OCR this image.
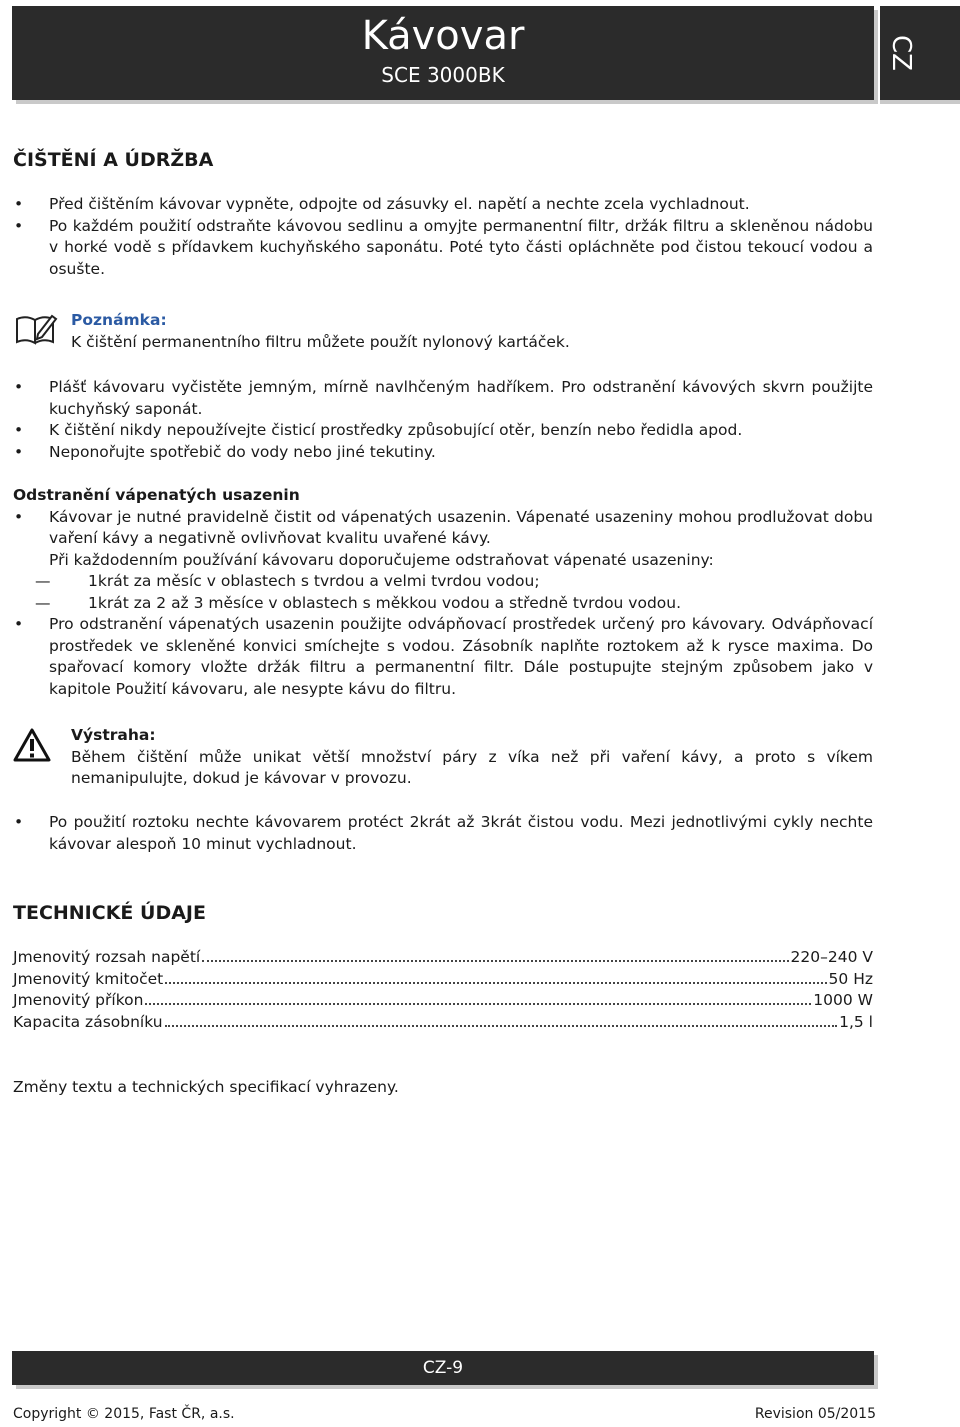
Kávovar
SCE 3000BK
CZ
ČIŠTĚNÍ A ÚDRŽBA
• Před čištěním kávovar vypněte, odpojte od zásuvky el. napětí a nechte zcela vychladnout.
• Po každém použití odstraňte kávovou sedlinu a omyjte permanentní filtr, držák filtru a skleněnou nádobu v horké vodě s přídavkem kuchyňského saponátu. Poté tyto části opláchněte pod čistou tekoucí vodou a osušte.
Poznámka:
K čištění permanentního filtru můžete použít nylonový kartáček.
• Plášť kávovaru vyčistěte jemným, mírně navlhčeným hadříkem. Pro odstranění kávových skvrn použijte kuchyňský saponát.
• K čištění nikdy nepoužívejte čisticí prostředky způsobující otěr, benzín nebo ředidla apod.
• Neponořujte spotřebič do vody nebo jiné tekutiny.
Odstranění vápenatých usazenin
• Kávovar je nutné pravidelně čistit od vápenatých usazenin. Vápenaté usazeniny mohou prodlužovat dobu vaření kávy a negativně ovlivňovat kvalitu uvařené kávy.
Při každodenním používání kávovaru doporučujeme odstraňovat vápenaté usazeniny:
— 1krát za měsíc v oblastech s tvrdou a velmi tvrdou vodou;
— 1krát za 2 až 3 měsíce v oblastech s měkkou vodou a středně tvrdou vodou.
• Pro odstranění vápenatých usazenin použijte odvápňovací prostředek určený pro kávovary. Odvápňovací prostředek ve skleněné konvici smíchejte s vodou. Zásobník naplňte roztokem až k rysce maxima. Do spařovací komory vložte držák filtru a permanentní filtr. Dále postupujte stejným způsobem jako v kapitole Použití kávovaru, ale nesypte kávu do filtru.
Výstraha:
Během čištění může unikat větší množství páry z víka než při vaření kávy, a proto s víkem nemanipulujte, dokud je kávovar v provozu.
• Po použití roztoku nechte kávovarem protéct 2krát až 3krát čistou vodu. Mezi jednotlivými cykly nechte kávovar alespoň 10 minut vychladnout.
TECHNICKÉ ÚDAJE
Jmenovitý rozsah napětí	220–240 V
Jmenovitý kmitočet	50 Hz
Jmenovitý příkon	1000 W
Kapacita zásobníku	1,5 l
Změny textu a technických specifikací vyhrazeny.
CZ-9
Copyright © 2015, Fast ČR, a.s.	Revision 05/2015
